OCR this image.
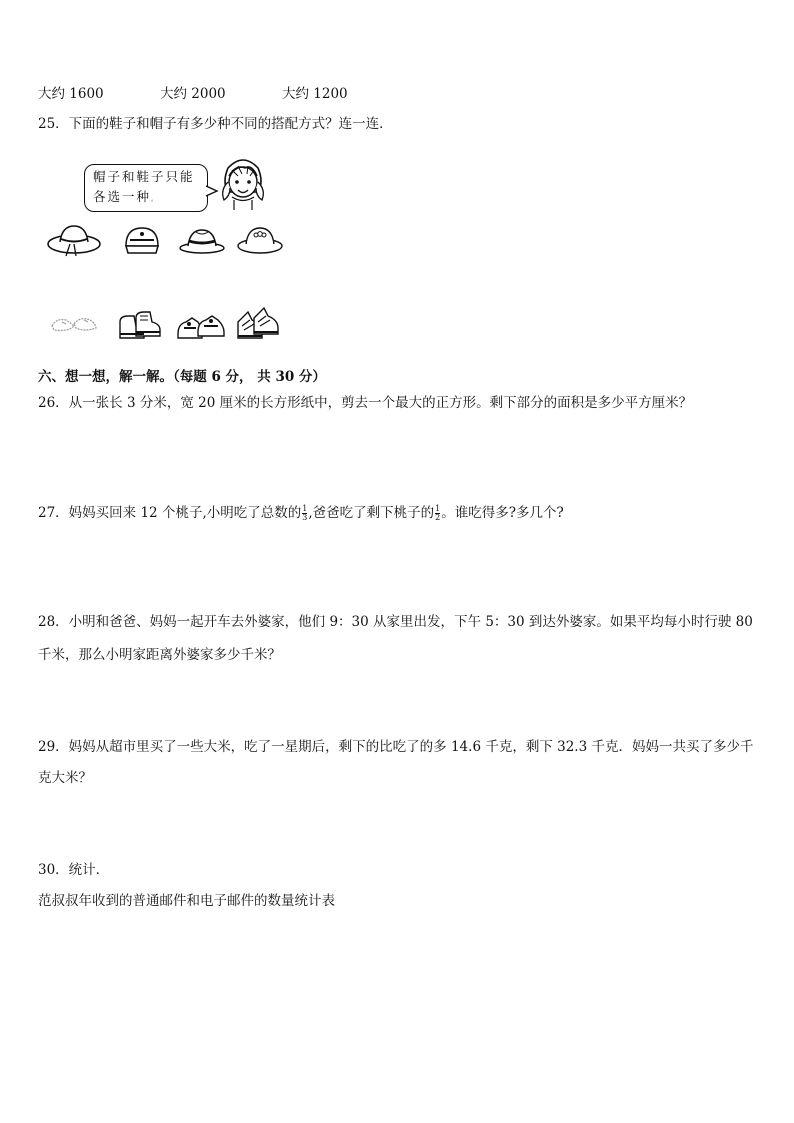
大约 1600	大约 2000	大约 1200
25．下面的鞋子和帽子有多少种不同的搭配方式？连一连．
帽子和鞋子只能
各选一种。
六、想一想，解一解。（每题 6 分， 共 30 分）
26．从一张长 3 分米，宽 20 厘米的长方形纸中，剪去一个最大的正方形。剩下部分的面积是多少平方厘米？
27．妈妈买回来 12 个桃子,小明吃了总数的 $\frac{1}{3}$ ,爸爸吃了剩下桃子的 $\frac{1}{2}$ 。谁吃得多?多几个?
28．小明和爸爸、妈妈一起开车去外婆家，他们 9：30 从家里出发，下午 5：30 到达外婆家。如果平均每小时行驶 80
千米，那么小明家距离外婆家多少千米？
29．妈妈从超市里买了一些大米，吃了一星期后，剩下的比吃了的多 14.6 千克，剩下 32.3 千克．妈妈一共买了多少千
克大米？
30．统计．
范叔叔年收到的普通邮件和电子邮件的数量统计表
